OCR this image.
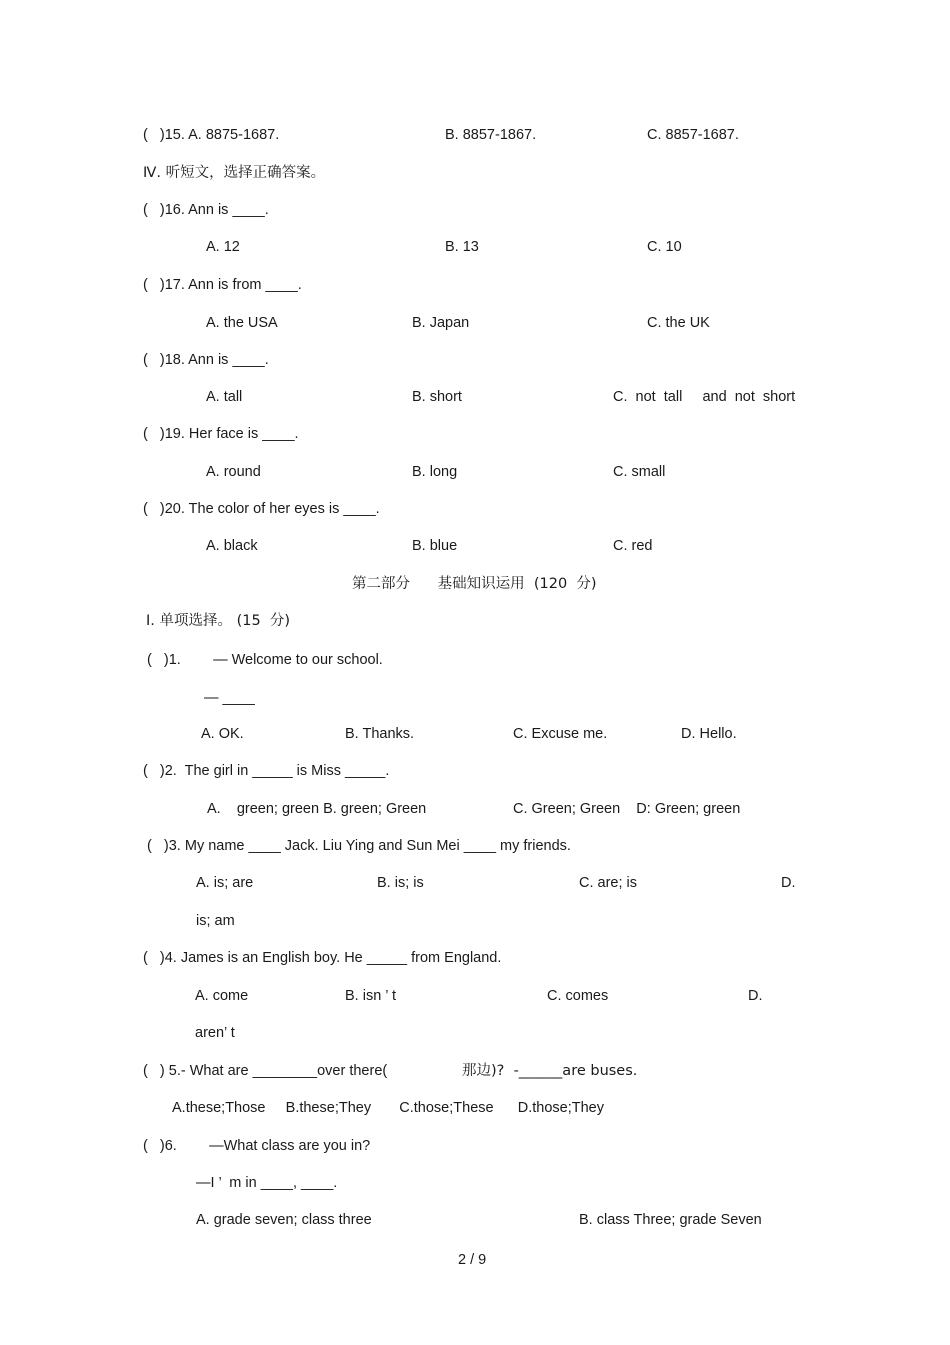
(   )15. A. 8875-1687.	B. 8857-1867.	C. 8857-1687.
Ⅳ. 听短文，选择正确答案。
(   )16. Ann is ____.
A. 12	B. 13	C. 10
(   )17. Ann is from ____.
A. the USA	B. Japan	C. the UK
(   )18. Ann is ____.
A. tall	B. short	C.  not  tall     and  not  short
(   )19. Her face is ____.
A. round	B. long	C. small
(   )20. The color of her eyes is ____.
A. black	B. blue	C. red
第二部分      基础知识运用  (120  分)
Ⅰ. 单项选择。 (15  分)
(   )1.        — Welcome to our school.
— ____
A. OK.	B. Thanks.	C. Excuse me.	D. Hello.
(   )2.  The girl in _____ is Miss _____.
A.    green; green B. green; Green	C. Green; Green    D: Green; green
(   )3. My name ____ Jack. Liu Ying and Sun Mei ____ my friends.
A. is; are	B. is; is	C. are; is	D.
is; am
(   )4. James is an English boy. He _____ from England.
A. come	B. isn ’ t	C. comes	D.
aren’ t
(   ) 5.- What are ________over there(	那边)?  -______are buses.
A.these;Those     B.these;They       C.those;These      D.those;They
(   )6.        —What class are you in?
—I ’  m in ____, ____.
A. grade seven; class three	B. class Three; grade Seven
2 / 9
